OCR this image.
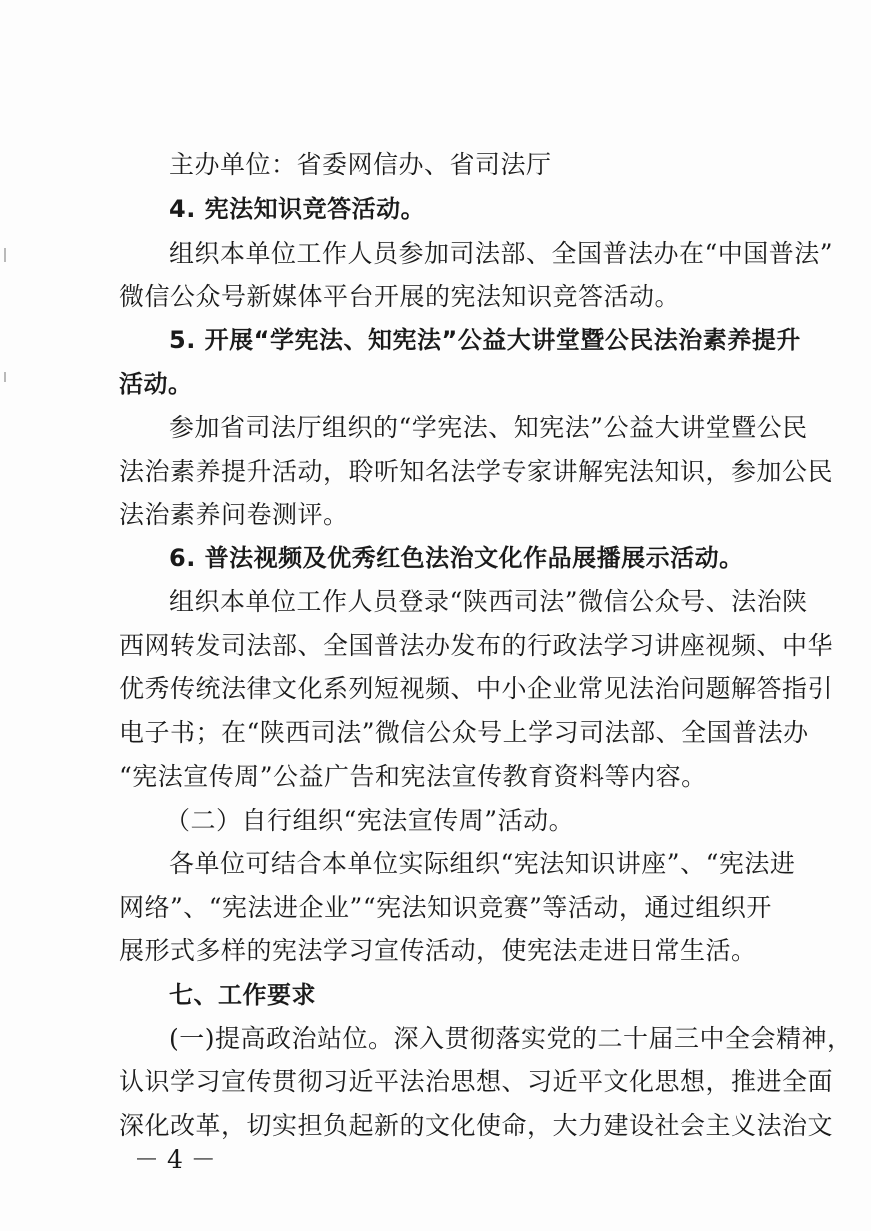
主办单位：省委网信办、省司法厅
4. 宪法知识竞答活动。
组织本单位工作人员参加司法部、全国普法办在“中国普法”
微信公众号新媒体平台开展的宪法知识竞答活动。
5. 开展“学宪法、知宪法”公益大讲堂暨公民法治素养提升
活动。
参加省司法厅组织的“学宪法、知宪法”公益大讲堂暨公民
法治素养提升活动，聆听知名法学专家讲解宪法知识，参加公民
法治素养问卷测评。
6. 普法视频及优秀红色法治文化作品展播展示活动。
组织本单位工作人员登录“陕西司法”微信公众号、法治陕
西网转发司法部、全国普法办发布的行政法学习讲座视频、中华
优秀传统法律文化系列短视频、中小企业常见法治问题解答指引
电子书；在“陕西司法”微信公众号上学习司法部、全国普法办
“宪法宣传周”公益广告和宪法宣传教育资料等内容。
（二）自行组织“宪法宣传周”活动。
各单位可结合本单位实际组织“宪法知识讲座”、“宪法进
网络”、“宪法进企业”“宪法知识竞赛”等活动，通过组织开
展形式多样的宪法学习宣传活动，使宪法走进日常生活。
七、工作要求
(一)提高政治站位。深入贯彻落实党的二十届三中全会精神，
认识学习宣传贯彻习近平法治思想、习近平文化思想，推进全面
深化改革，切实担负起新的文化使命，大力建设社会主义法治文
－ 4 －
